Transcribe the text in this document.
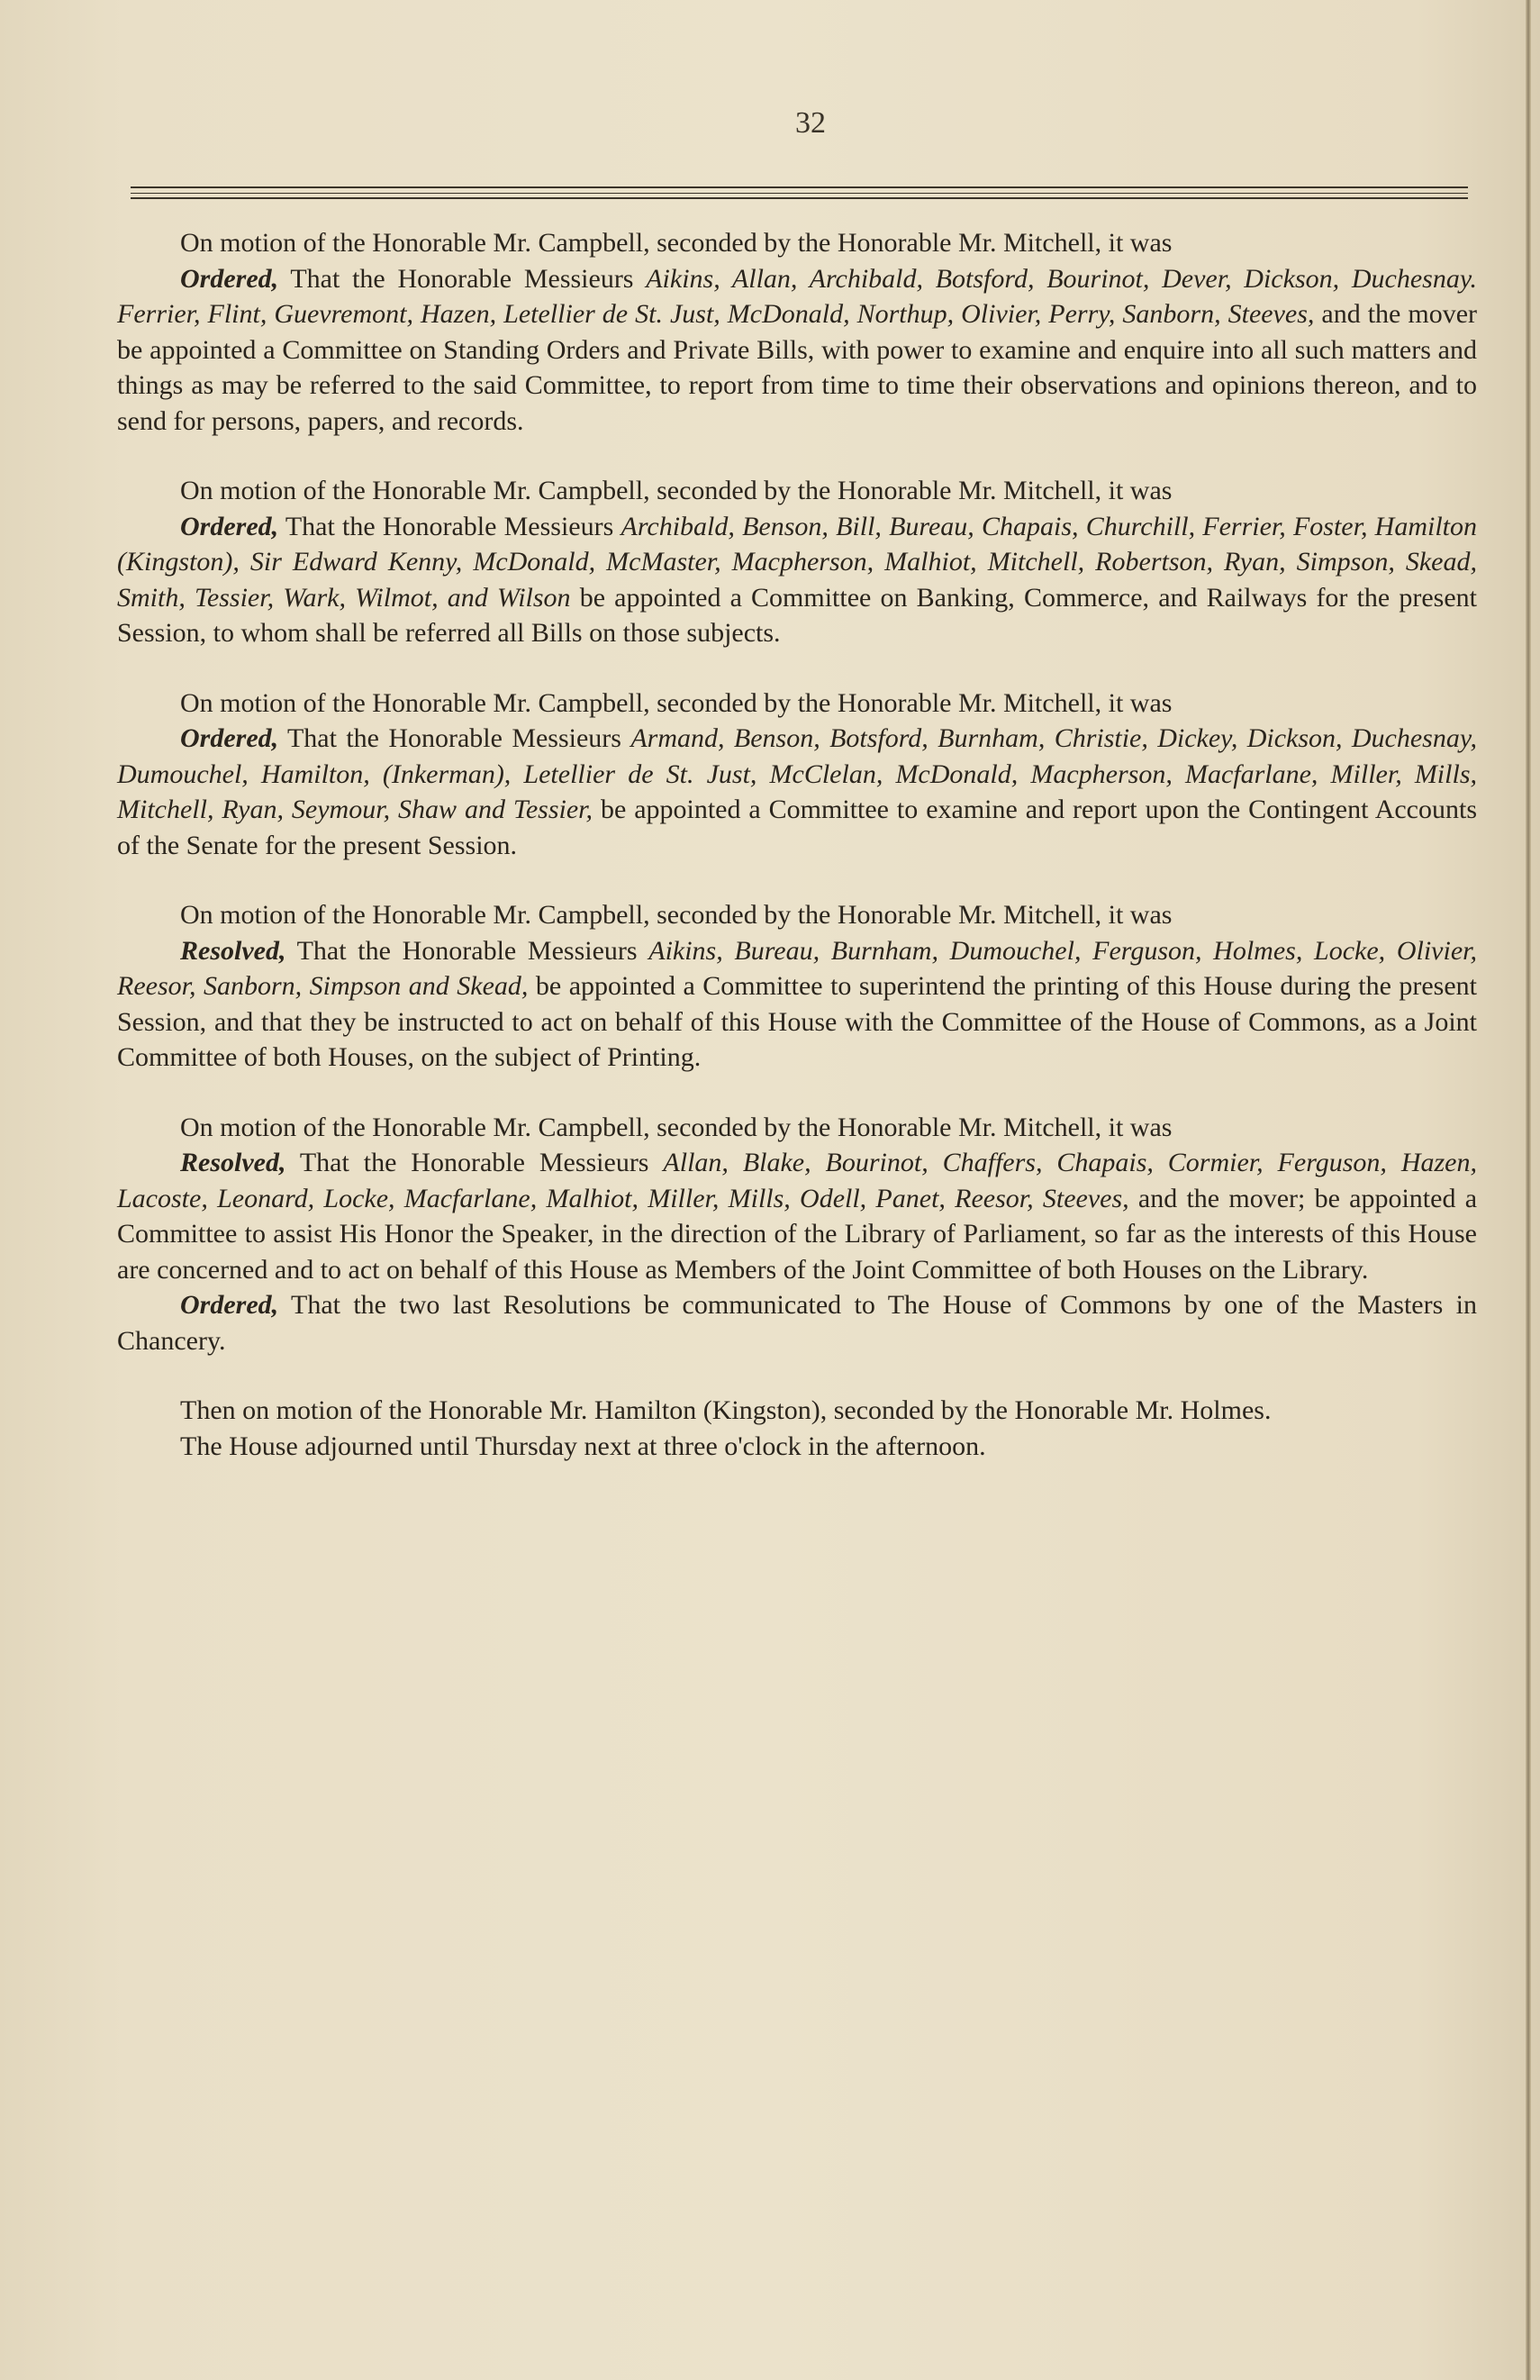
32

On motion of the Honorable Mr. Campbell, seconded by the Honorable Mr. Mitchell, it was

Ordered, That the Honorable Messieurs Aikins, Allan, Archibald, Botsford, Bourinot, Dever, Dickson, Duchesnay. Ferrier, Flint, Guevremont, Hazen, Letellier de St. Just, McDonald, Northup, Olivier, Perry, Sanborn, Steeves, and the mover be appointed a Committee on Standing Orders and Private Bills, with power to examine and enquire into all such matters and things as may be referred to the said Committee, to report from time to time their observations and opinions thereon, and to send for persons, papers, and records.

On motion of the Honorable Mr. Campbell, seconded by the Honorable Mr. Mitchell, it was

Ordered, That the Honorable Messieurs Archibald, Benson, Bill, Bureau, Chapais, Churchill, Ferrier, Foster, Hamilton (Kingston), Sir Edward Kenny, McDonald, McMaster, Macpherson, Malhiot, Mitchell, Robertson, Ryan, Simpson, Skead, Smith, Tessier, Wark, Wilmot, and Wilson be appointed a Committee on Banking, Commerce, and Railways for the present Session, to whom shall be referred all Bills on those subjects.

On motion of the Honorable Mr. Campbell, seconded by the Honorable Mr. Mitchell, it was

Ordered, That the Honorable Messieurs Armand, Benson, Botsford, Burnham, Christie, Dickey, Dickson, Duchesnay, Dumouchel, Hamilton, (Inkerman), Letellier de St. Just, McClelan, McDonald, Macpherson, Macfarlane, Miller, Mills, Mitchell, Ryan, Seymour, Shaw and Tessier, be appointed a Committee to examine and report upon the Contingent Accounts of the Senate for the present Session.

On motion of the Honorable Mr. Campbell, seconded by the Honorable Mr. Mitchell, it was

Resolved, That the Honorable Messieurs Aikins, Bureau, Burnham, Dumouchel, Ferguson, Holmes, Locke, Olivier, Reesor, Sanborn, Simpson and Skead, be appointed a Committee to superintend the printing of this House during the present Session, and that they be instructed to act on behalf of this House with the Committee of the House of Commons, as a Joint Committee of both Houses, on the subject of Printing.

On motion of the Honorable Mr. Campbell, seconded by the Honorable Mr. Mitchell, it was

Resolved, That the Honorable Messieurs Allan, Blake, Bourinot, Chaffers, Chapais, Cormier, Ferguson, Hazen, Lacoste, Leonard, Locke, Macfarlane, Malhiot, Miller, Mills, Odell, Panet, Reesor, Steeves, and the mover; be appointed a Committee to assist His Honor the Speaker, in the direction of the Library of Parliament, so far as the interests of this House are concerned and to act on behalf of this House as Members of the Joint Committee of both Houses on the Library.

Ordered, That the two last Resolutions be communicated to The House of Commons by one of the Masters in Chancery.

Then on motion of the Honorable Mr. Hamilton (Kingston), seconded by the Honorable Mr. Holmes.

The House adjourned until Thursday next at three o'clock in the afternoon.
